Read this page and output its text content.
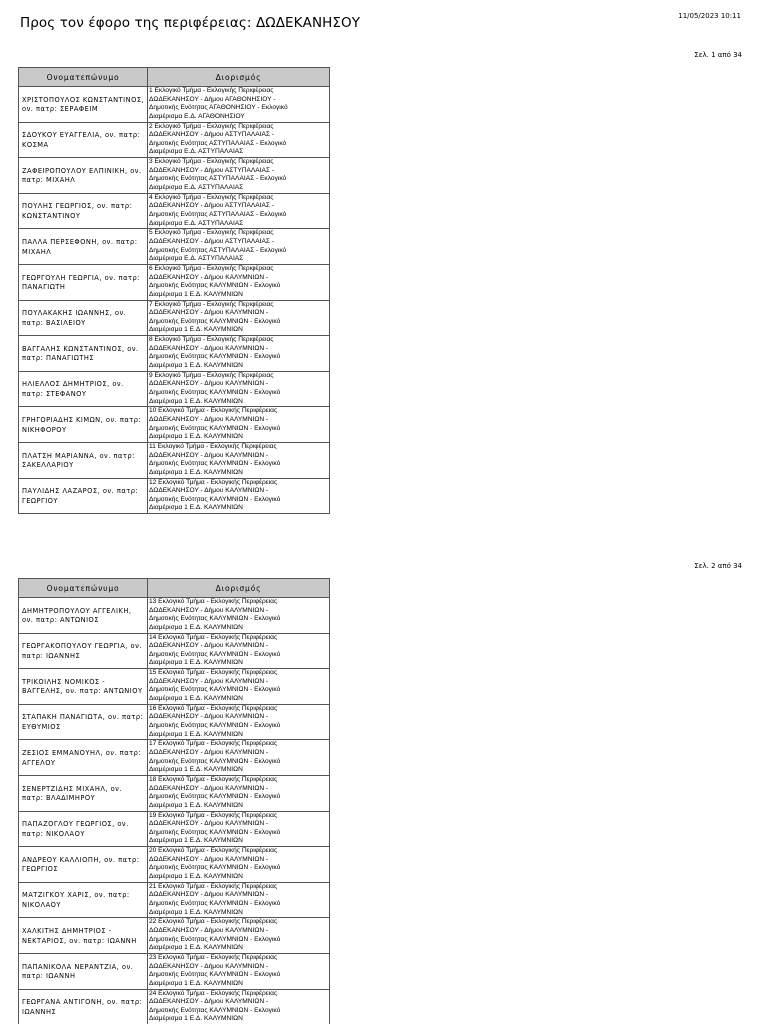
Προς τον έφορο της περιφέρειας: ΔΩΔΕΚΑΝΗΣΟΥ	11/05/2023 10:11
Σελ. 1 από 34
Ονοματεπώνυμο	Διορισμός
ΧΡΙΣΤΟΠΟΥΛΟΣ ΚΩΝΣΤΑΝΤΙΝΟΣ, ον. πατρ: ΣΕΡΑΦΕΙΜ	1 Εκλογικό Τμήμα - Εκλογικής Περιφέρειας
ΔΩΔΕΚΑΝΗΣΟΥ - Δήμου ΑΓΑΘΟΝΗΣΙΟΥ -
Δημοτικής Ενότητας ΑΓΑΘΟΝΗΣΙΟΥ - Εκλογικό
Διαμέρισμα Ε.Δ. ΑΓΑΘΟΝΗΣΙΟΥ

ΣΔΟΥΚΟΥ ΕΥΑΓΓΕΛΙΑ, ον. πατρ: ΚΟΣΜΑ	2 Εκλογικό Τμήμα - Εκλογικής Περιφέρειας
ΔΩΔΕΚΑΝΗΣΟΥ - Δήμου ΑΣΤΥΠΑΛΑΙΑΣ -
Δημοτικής Ενότητας ΑΣΤΥΠΑΛΑΙΑΣ - Εκλογικό
Διαμέρισμα Ε.Δ. ΑΣΤΥΠΑΛΑΙΑΣ

ΖΑΦΕΙΡΟΠΟΥΛΟΥ ΕΛΠΙΝΙΚΗ, ον. πατρ: ΜΙΧΑΗΛ	3 Εκλογικό Τμήμα - Εκλογικής Περιφέρειας
ΔΩΔΕΚΑΝΗΣΟΥ - Δήμου ΑΣΤΥΠΑΛΑΙΑΣ -
Δημοτικής Ενότητας ΑΣΤΥΠΑΛΑΙΑΣ - Εκλογικό
Διαμέρισμα Ε.Δ. ΑΣΤΥΠΑΛΑΙΑΣ

ΠΟΥΛΗΣ ΓΕΩΡΓΙΟΣ, ον. πατρ: ΚΩΝΣΤΑΝΤΙΝΟΥ	4 Εκλογικό Τμήμα - Εκλογικής Περιφέρειας
ΔΩΔΕΚΑΝΗΣΟΥ - Δήμου ΑΣΤΥΠΑΛΑΙΑΣ -
Δημοτικής Ενότητας ΑΣΤΥΠΑΛΑΙΑΣ - Εκλογικό
Διαμέρισμα Ε.Δ. ΑΣΤΥΠΑΛΑΙΑΣ

ΠΑΛΛΑ ΠΕΡΣΕΦΟΝΗ, ον. πατρ: ΜΙΧΑΗΛ	5 Εκλογικό Τμήμα - Εκλογικής Περιφέρειας
ΔΩΔΕΚΑΝΗΣΟΥ - Δήμου ΑΣΤΥΠΑΛΑΙΑΣ -
Δημοτικής Ενότητας ΑΣΤΥΠΑΛΑΙΑΣ - Εκλογικό
Διαμέρισμα Ε.Δ. ΑΣΤΥΠΑΛΑΙΑΣ

ΓΕΩΡΓΟΥΛΗ ΓΕΩΡΓΙΑ, ον. πατρ: ΠΑΝΑΓΙΩΤΗ	6 Εκλογικό Τμήμα - Εκλογικής Περιφέρειας
ΔΩΔΕΚΑΝΗΣΟΥ - Δήμου ΚΑΛΥΜΝΙΩΝ -
Δημοτικής Ενότητας ΚΑΛΥΜΝΙΩΝ - Εκλογικό
Διαμέρισμα 1 Ε.Δ. ΚΑΛΥΜΝΙΩΝ

ΠΟΥΛΑΚΑΚΗΣ ΙΩΑΝΝΗΣ, ον. πατρ: ΒΑΣΙΛΕΙΟΥ	7 Εκλογικό Τμήμα - Εκλογικής Περιφέρειας
ΔΩΔΕΚΑΝΗΣΟΥ - Δήμου ΚΑΛΥΜΝΙΩΝ -
Δημοτικής Ενότητας ΚΑΛΥΜΝΙΩΝ - Εκλογικό
Διαμέρισμα 1 Ε.Δ. ΚΑΛΥΜΝΙΩΝ

ΒΑΓΓΑΛΗΣ ΚΩΝΣΤΑΝΤΙΝΟΣ, ον. πατρ: ΠΑΝΑΓΙΩΤΗΣ	8 Εκλογικό Τμήμα - Εκλογικής Περιφέρειας
ΔΩΔΕΚΑΝΗΣΟΥ - Δήμου ΚΑΛΥΜΝΙΩΝ -
Δημοτικής Ενότητας ΚΑΛΥΜΝΙΩΝ - Εκλογικό
Διαμέρισμα 1 Ε.Δ. ΚΑΛΥΜΝΙΩΝ

ΗΛΙΕΛΛΟΣ ΔΗΜΗΤΡΙΟΣ, ον. πατρ: ΣΤΕΦΑΝΟΥ	9 Εκλογικό Τμήμα - Εκλογικής Περιφέρειας
ΔΩΔΕΚΑΝΗΣΟΥ - Δήμου ΚΑΛΥΜΝΙΩΝ -
Δημοτικής Ενότητας ΚΑΛΥΜΝΙΩΝ - Εκλογικό
Διαμέρισμα 1 Ε.Δ. ΚΑΛΥΜΝΙΩΝ

ΓΡΗΓΟΡΙΑΔΗΣ ΚΙΜΩΝ, ον. πατρ: ΝΙΚΗΦΟΡΟΥ	10 Εκλογικό Τμήμα - Εκλογικής Περιφέρειας
ΔΩΔΕΚΑΝΗΣΟΥ - Δήμου ΚΑΛΥΜΝΙΩΝ -
Δημοτικής Ενότητας ΚΑΛΥΜΝΙΩΝ - Εκλογικό
Διαμέρισμα 1 Ε.Δ. ΚΑΛΥΜΝΙΩΝ

ΠΛΑΤΣΗ ΜΑΡΙΑΝΝΑ, ον. πατρ: ΣΑΚΕΛΛΑΡΙΟΥ	11 Εκλογικό Τμήμα - Εκλογικής Περιφέρειας
ΔΩΔΕΚΑΝΗΣΟΥ - Δήμου ΚΑΛΥΜΝΙΩΝ -
Δημοτικής Ενότητας ΚΑΛΥΜΝΙΩΝ - Εκλογικό
Διαμέρισμα 1 Ε.Δ. ΚΑΛΥΜΝΙΩΝ

ΠΑΥΛΙΔΗΣ ΛΑΖΑΡΟΣ, ον. πατρ: ΓΕΩΡΓΙΟΥ	12 Εκλογικό Τμήμα - Εκλογικής Περιφέρειας
ΔΩΔΕΚΑΝΗΣΟΥ - Δήμου ΚΑΛΥΜΝΙΩΝ -
Δημοτικής Ενότητας ΚΑΛΥΜΝΙΩΝ - Εκλογικό
Διαμέρισμα 1 Ε.Δ. ΚΑΛΥΜΝΙΩΝ
Σελ. 2 από 34
Ονοματεπώνυμο	Διορισμός
ΔΗΜΗΤΡΟΠΟΥΛΟΥ ΑΓΓΕΛΙΚΗ, ον. πατρ: ΑΝΤΩΝΙΟΣ	13 Εκλογικό Τμήμα - Εκλογικής Περιφέρειας
ΔΩΔΕΚΑΝΗΣΟΥ - Δήμου ΚΑΛΥΜΝΙΩΝ -
Δημοτικής Ενότητας ΚΑΛΥΜΝΙΩΝ - Εκλογικό
Διαμέρισμα 1 Ε.Δ. ΚΑΛΥΜΝΙΩΝ

ΓΕΩΡΓΑΚΟΠΟΥΛΟΥ ΓΕΩΡΓΙΑ, ον. πατρ: ΙΩΑΝΝΗΣ	14 Εκλογικό Τμήμα - Εκλογικής Περιφέρειας
ΔΩΔΕΚΑΝΗΣΟΥ - Δήμου ΚΑΛΥΜΝΙΩΝ -
Δημοτικής Ενότητας ΚΑΛΥΜΝΙΩΝ - Εκλογικό
Διαμέρισμα 1 Ε.Δ. ΚΑΛΥΜΝΙΩΝ

ΤΡΙΚΟΙΛΗΣ ΝΟΜΙΚΟΣ - ΒΑΓΓΕΛΗΣ, ον. πατρ: ΑΝΤΩΝΙΟΥ	15 Εκλογικό Τμήμα - Εκλογικής Περιφέρειας
ΔΩΔΕΚΑΝΗΣΟΥ - Δήμου ΚΑΛΥΜΝΙΩΝ -
Δημοτικής Ενότητας ΚΑΛΥΜΝΙΩΝ - Εκλογικό
Διαμέρισμα 1 Ε.Δ. ΚΑΛΥΜΝΙΩΝ

ΣΤΑΠΑΚΗ ΠΑΝΑΓΙΩΤΑ, ον. πατρ: ΕΥΘΥΜΙΟΣ	16 Εκλογικό Τμήμα - Εκλογικής Περιφέρειας
ΔΩΔΕΚΑΝΗΣΟΥ - Δήμου ΚΑΛΥΜΝΙΩΝ -
Δημοτικής Ενότητας ΚΑΛΥΜΝΙΩΝ - Εκλογικό
Διαμέρισμα 1 Ε.Δ. ΚΑΛΥΜΝΙΩΝ

ΖΕΣΙΟΣ ΕΜΜΑΝΟΥΗΛ, ον. πατρ: ΑΓΓΕΛΟΥ	17 Εκλογικό Τμήμα - Εκλογικής Περιφέρειας
ΔΩΔΕΚΑΝΗΣΟΥ - Δήμου ΚΑΛΥΜΝΙΩΝ -
Δημοτικής Ενότητας ΚΑΛΥΜΝΙΩΝ - Εκλογικό
Διαμέρισμα 1 Ε.Δ. ΚΑΛΥΜΝΙΩΝ

ΣΕΝΕΡΤΖΙΔΗΣ ΜΙΧΑΗΛ, ον. πατρ: ΒΛΑΔΙΜΗΡΟΥ	18 Εκλογικό Τμήμα - Εκλογικής Περιφέρειας
ΔΩΔΕΚΑΝΗΣΟΥ - Δήμου ΚΑΛΥΜΝΙΩΝ -
Δημοτικής Ενότητας ΚΑΛΥΜΝΙΩΝ - Εκλογικό
Διαμέρισμα 1 Ε.Δ. ΚΑΛΥΜΝΙΩΝ

ΠΑΠΑΖΟΓΛΟΥ ΓΕΩΡΓΙΟΣ, ον. πατρ: ΝΙΚΟΛΑΟΥ	19 Εκλογικό Τμήμα - Εκλογικής Περιφέρειας
ΔΩΔΕΚΑΝΗΣΟΥ - Δήμου ΚΑΛΥΜΝΙΩΝ -
Δημοτικής Ενότητας ΚΑΛΥΜΝΙΩΝ - Εκλογικό
Διαμέρισμα 1 Ε.Δ. ΚΑΛΥΜΝΙΩΝ

ΑΝΔΡΕΟΥ ΚΑΛΛΙΟΠΗ, ον. πατρ: ΓΕΩΡΓΙΟΣ	20 Εκλογικό Τμήμα - Εκλογικής Περιφέρειας
ΔΩΔΕΚΑΝΗΣΟΥ - Δήμου ΚΑΛΥΜΝΙΩΝ -
Δημοτικής Ενότητας ΚΑΛΥΜΝΙΩΝ - Εκλογικό
Διαμέρισμα 1 Ε.Δ. ΚΑΛΥΜΝΙΩΝ

ΜΑΤΖΙΓΚΟΥ ΧΑΡΙΣ, ον. πατρ: ΝΙΚΟΛΑΟΥ	21 Εκλογικό Τμήμα - Εκλογικής Περιφέρειας
ΔΩΔΕΚΑΝΗΣΟΥ - Δήμου ΚΑΛΥΜΝΙΩΝ -
Δημοτικής Ενότητας ΚΑΛΥΜΝΙΩΝ - Εκλογικό
Διαμέρισμα 1 Ε.Δ. ΚΑΛΥΜΝΙΩΝ

ΧΑΛΚΙΤΗΣ ΔΗΜΗΤΡΙΟΣ - ΝΕΚΤΑΡΙΟΣ, ον. πατρ: ΙΩΑΝΝΗ	22 Εκλογικό Τμήμα - Εκλογικής Περιφέρειας
ΔΩΔΕΚΑΝΗΣΟΥ - Δήμου ΚΑΛΥΜΝΙΩΝ -
Δημοτικής Ενότητας ΚΑΛΥΜΝΙΩΝ - Εκλογικό
Διαμέρισμα 1 Ε.Δ. ΚΑΛΥΜΝΙΩΝ

ΠΑΠΑΝΙΚΟΛΑ ΝΕΡΑΝΤΖΙΑ, ον. πατρ: ΙΩΑΝΝΗ	23 Εκλογικό Τμήμα - Εκλογικής Περιφέρειας
ΔΩΔΕΚΑΝΗΣΟΥ - Δήμου ΚΑΛΥΜΝΙΩΝ -
Δημοτικής Ενότητας ΚΑΛΥΜΝΙΩΝ - Εκλογικό
Διαμέρισμα 1 Ε.Δ. ΚΑΛΥΜΝΙΩΝ

ΓΕΩΡΓΑΝΑ ΑΝΤΙΓΟΝΗ, ον. πατρ: ΙΩΑΝΝΗΣ	24 Εκλογικό Τμήμα - Εκλογικής Περιφέρειας
ΔΩΔΕΚΑΝΗΣΟΥ - Δήμου ΚΑΛΥΜΝΙΩΝ -
Δημοτικής Ενότητας ΚΑΛΥΜΝΙΩΝ - Εκλογικό
Διαμέρισμα 1 Ε.Δ. ΚΑΛΥΜΝΙΩΝ
